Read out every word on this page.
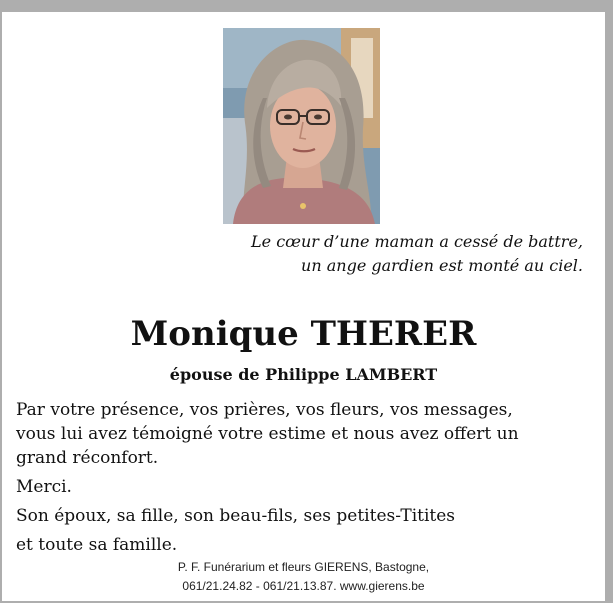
Le cœur d’une maman a cessé de battre,
un ange gardien est monté au ciel.
Monique THERER
épouse de Philippe LAMBERT

Par votre présence, vos prières, vos fleurs, vos messages,

vous lui avez témoigné votre estime et nous avez offert un

grand réconfort.

Merci.

Son époux, sa fille, son beau-fils, ses petites-Titites

et toute sa famille.

P. F. Funérarium et fleurs GIERENS, Bastogne,
061/21.24.82 - 061/21.13.87. www.gierens.be
